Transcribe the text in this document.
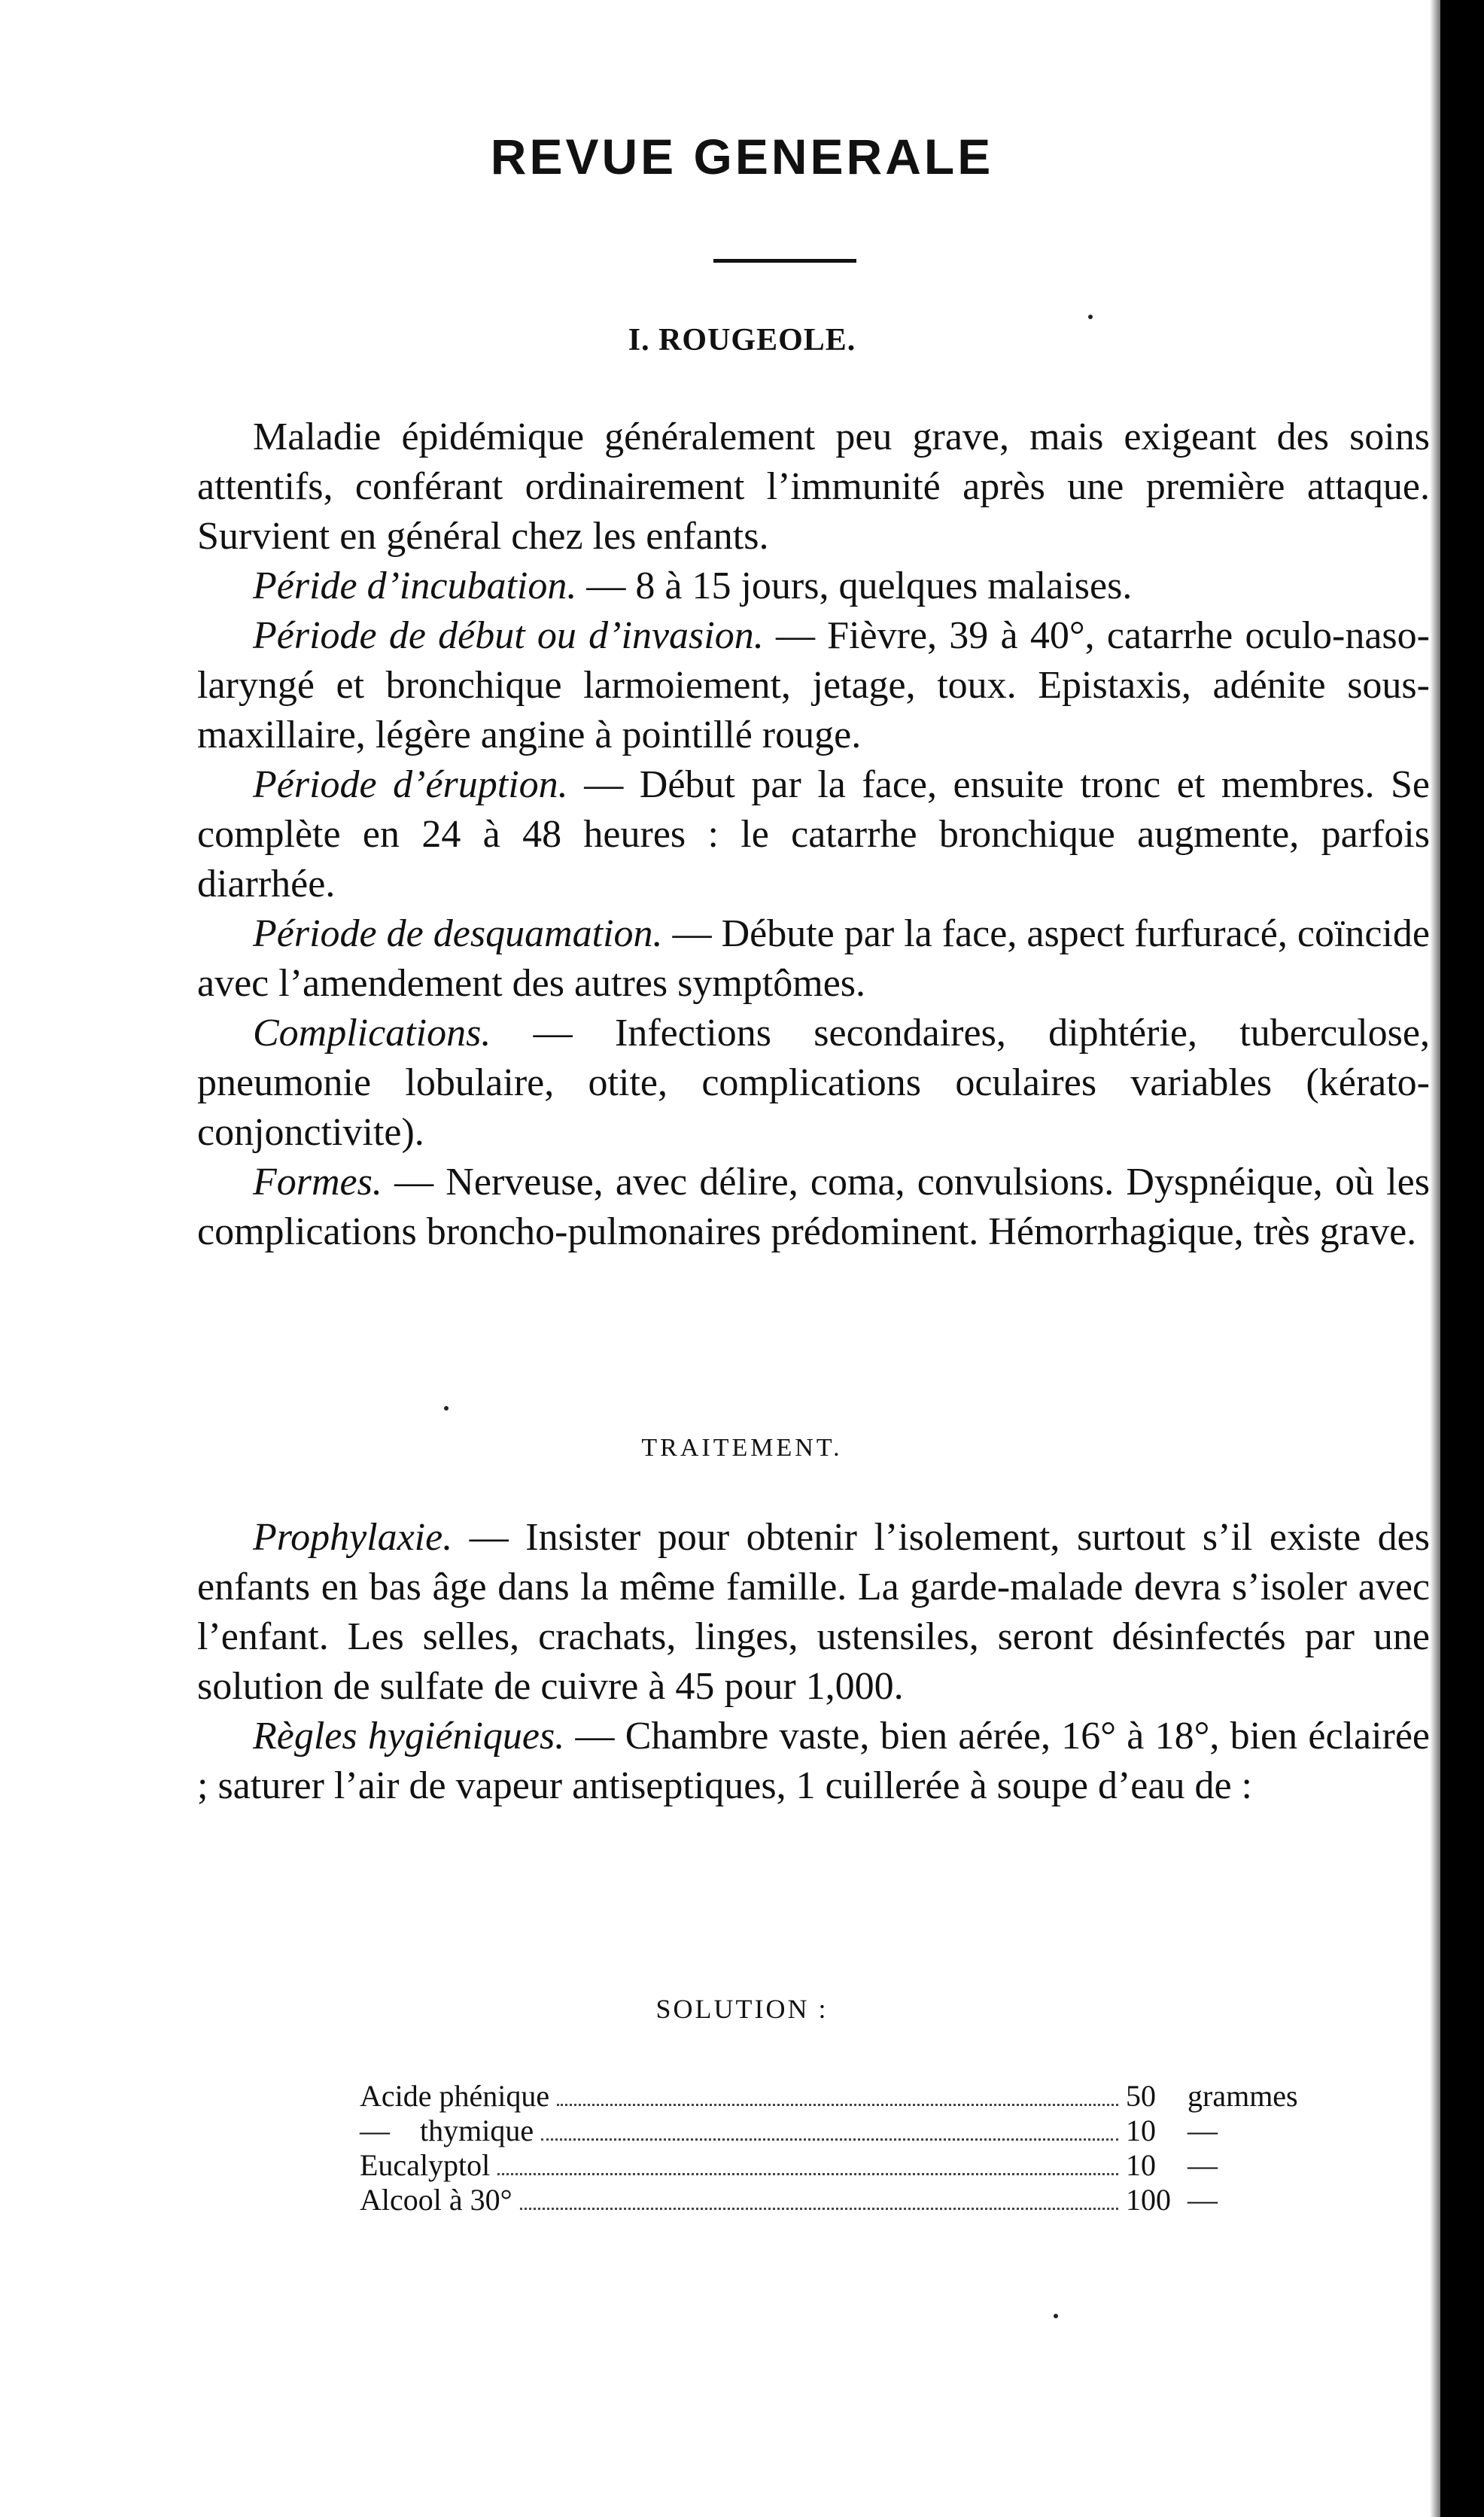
REVUE GENERALE
I. ROUGEOLE.

Maladie épidémique généralement peu grave, mais exigeant des soins attentifs, conférant ordinairement l’immunité après une première attaque. Survient en général chez les enfants.

Péride d’incubation. — 8 à 15 jours, quelques malaises.

Période de début ou d’invasion. — Fièvre, 39 à 40°, catarrhe oculo-naso-laryngé et bronchique larmoiement, jetage, toux. Epistaxis, adénite sous-maxillaire, légère angine à pointillé rouge.

Période d’éruption. — Début par la face, ensuite tronc et membres. Se complète en 24 à 48 heures : le catarrhe bronchique augmente, parfois diarrhée.

Période de desquamation. — Débute par la face, aspect furfuracé, coïncide avec l’amendement des autres symptômes.

Complications. — Infections secondaires, diphtérie, tuberculose, pneumonie lobulaire, otite, complications oculaires variables (kérato-conjonctivite).

Formes. — Nerveuse, avec délire, coma, convulsions. Dyspnéique, où les complications broncho-pulmonaires prédominent. Hémorrhagique, très grave.

TRAITEMENT.

Prophylaxie. — Insister pour obtenir l’isolement, surtout s’il existe des enfants en bas âge dans la même famille. La garde-malade devra s’isoler avec l’enfant. Les selles, crachats, linges, ustensiles, seront désinfectés par une solution de sulfate de cuivre à 45 pour 1,000.

Règles hygiéniques. — Chambre vaste, bien aérée, 16° à 18°, bien éclairée ; saturer l’air de vapeur antiseptiques, 1 cuillerée à soupe d’eau de :

SOLUTION :
Acide phénique	50	grammes
—    thymique	10	—
Eucalyptol	10	—
Alcool à 30°	100 —
